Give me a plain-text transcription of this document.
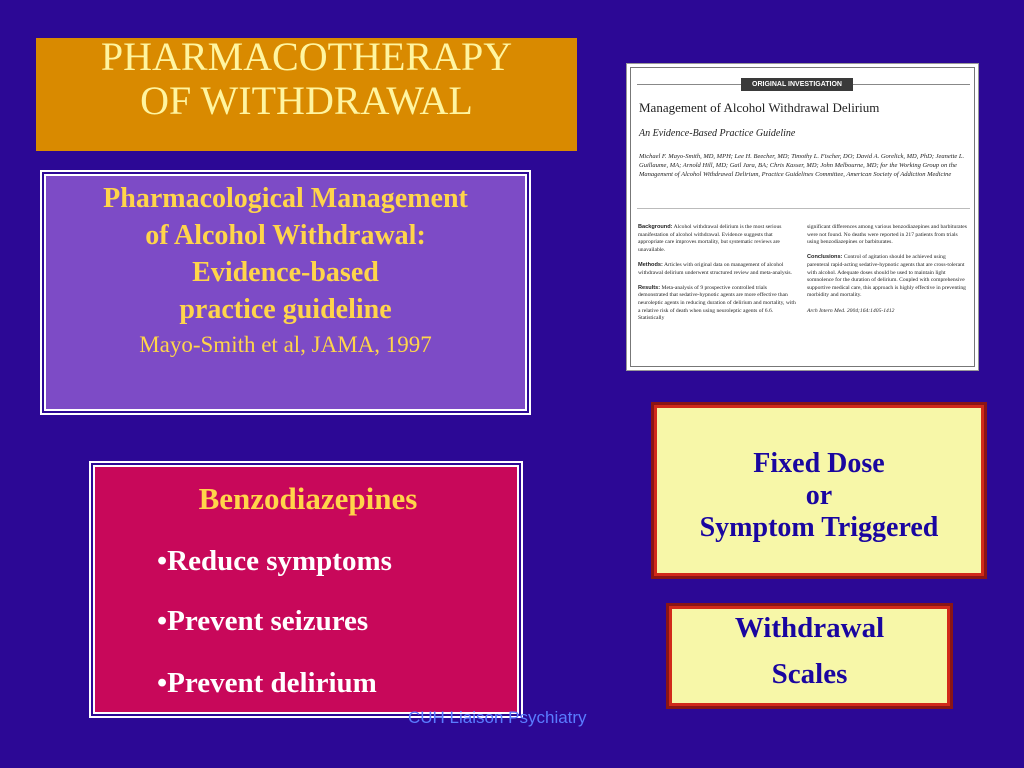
PHARMACOTHERAPY
OF WITHDRAWAL
Pharmacological Management
of Alcohol Withdrawal:
Evidence-based
practice guideline
Mayo-Smith et al, JAMA, 1997
ORIGINAL INVESTIGATION
Management of Alcohol Withdrawal Delirium
An Evidence-Based Practice Guideline
Michael F. Mayo-Smith, MD, MPH; Lee H. Beecher, MD; Timothy L. Fischer, DO; David A. Gorelick, MD, PhD; Jeanette L. Guillaume, MA; Arnold Hill, MD; Gail Jara, BA; Chris Kasser, MD; John Melbourne, MD; for the Working Group on the Management of Alcohol Withdrawal Delirium, Practice Guidelines Committee, American Society of Addiction Medicine
Background: Alcohol withdrawal delirium is the most serious manifestation of alcohol withdrawal. Evidence suggests that appropriate care improves mortality, but systematic reviews are unavailable.

Methods: Articles with original data on management of alcohol withdrawal delirium underwent structured review and meta-analysis.

Results: Meta-analysis of 9 prospective controlled trials demonstrated that sedative-hypnotic agents are more effective than neuroleptic agents in reducing duration of delirium and mortality, with a relative risk of death when using neuroleptic agents of 6.6. Statistically
significant differences among various benzodiazepines and barbiturates were not found. No deaths were reported in 217 patients from trials using benzodiazepines or barbiturates.

Conclusions: Control of agitation should be achieved using parenteral rapid-acting sedative-hypnotic agents that are cross-tolerant with alcohol. Adequate doses should be used to maintain light somnolence for the duration of delirium. Coupled with comprehensive supportive medical care, this approach is highly effective in preventing morbidity and mortality.

Arch Intern Med. 2004;164:1405-1412
Benzodiazepines
•Reduce symptoms
•Prevent seizures
•Prevent delirium
Fixed Dose
or
Symptom Triggered
Withdrawal
Scales
CUH Liaison Psychiatry
